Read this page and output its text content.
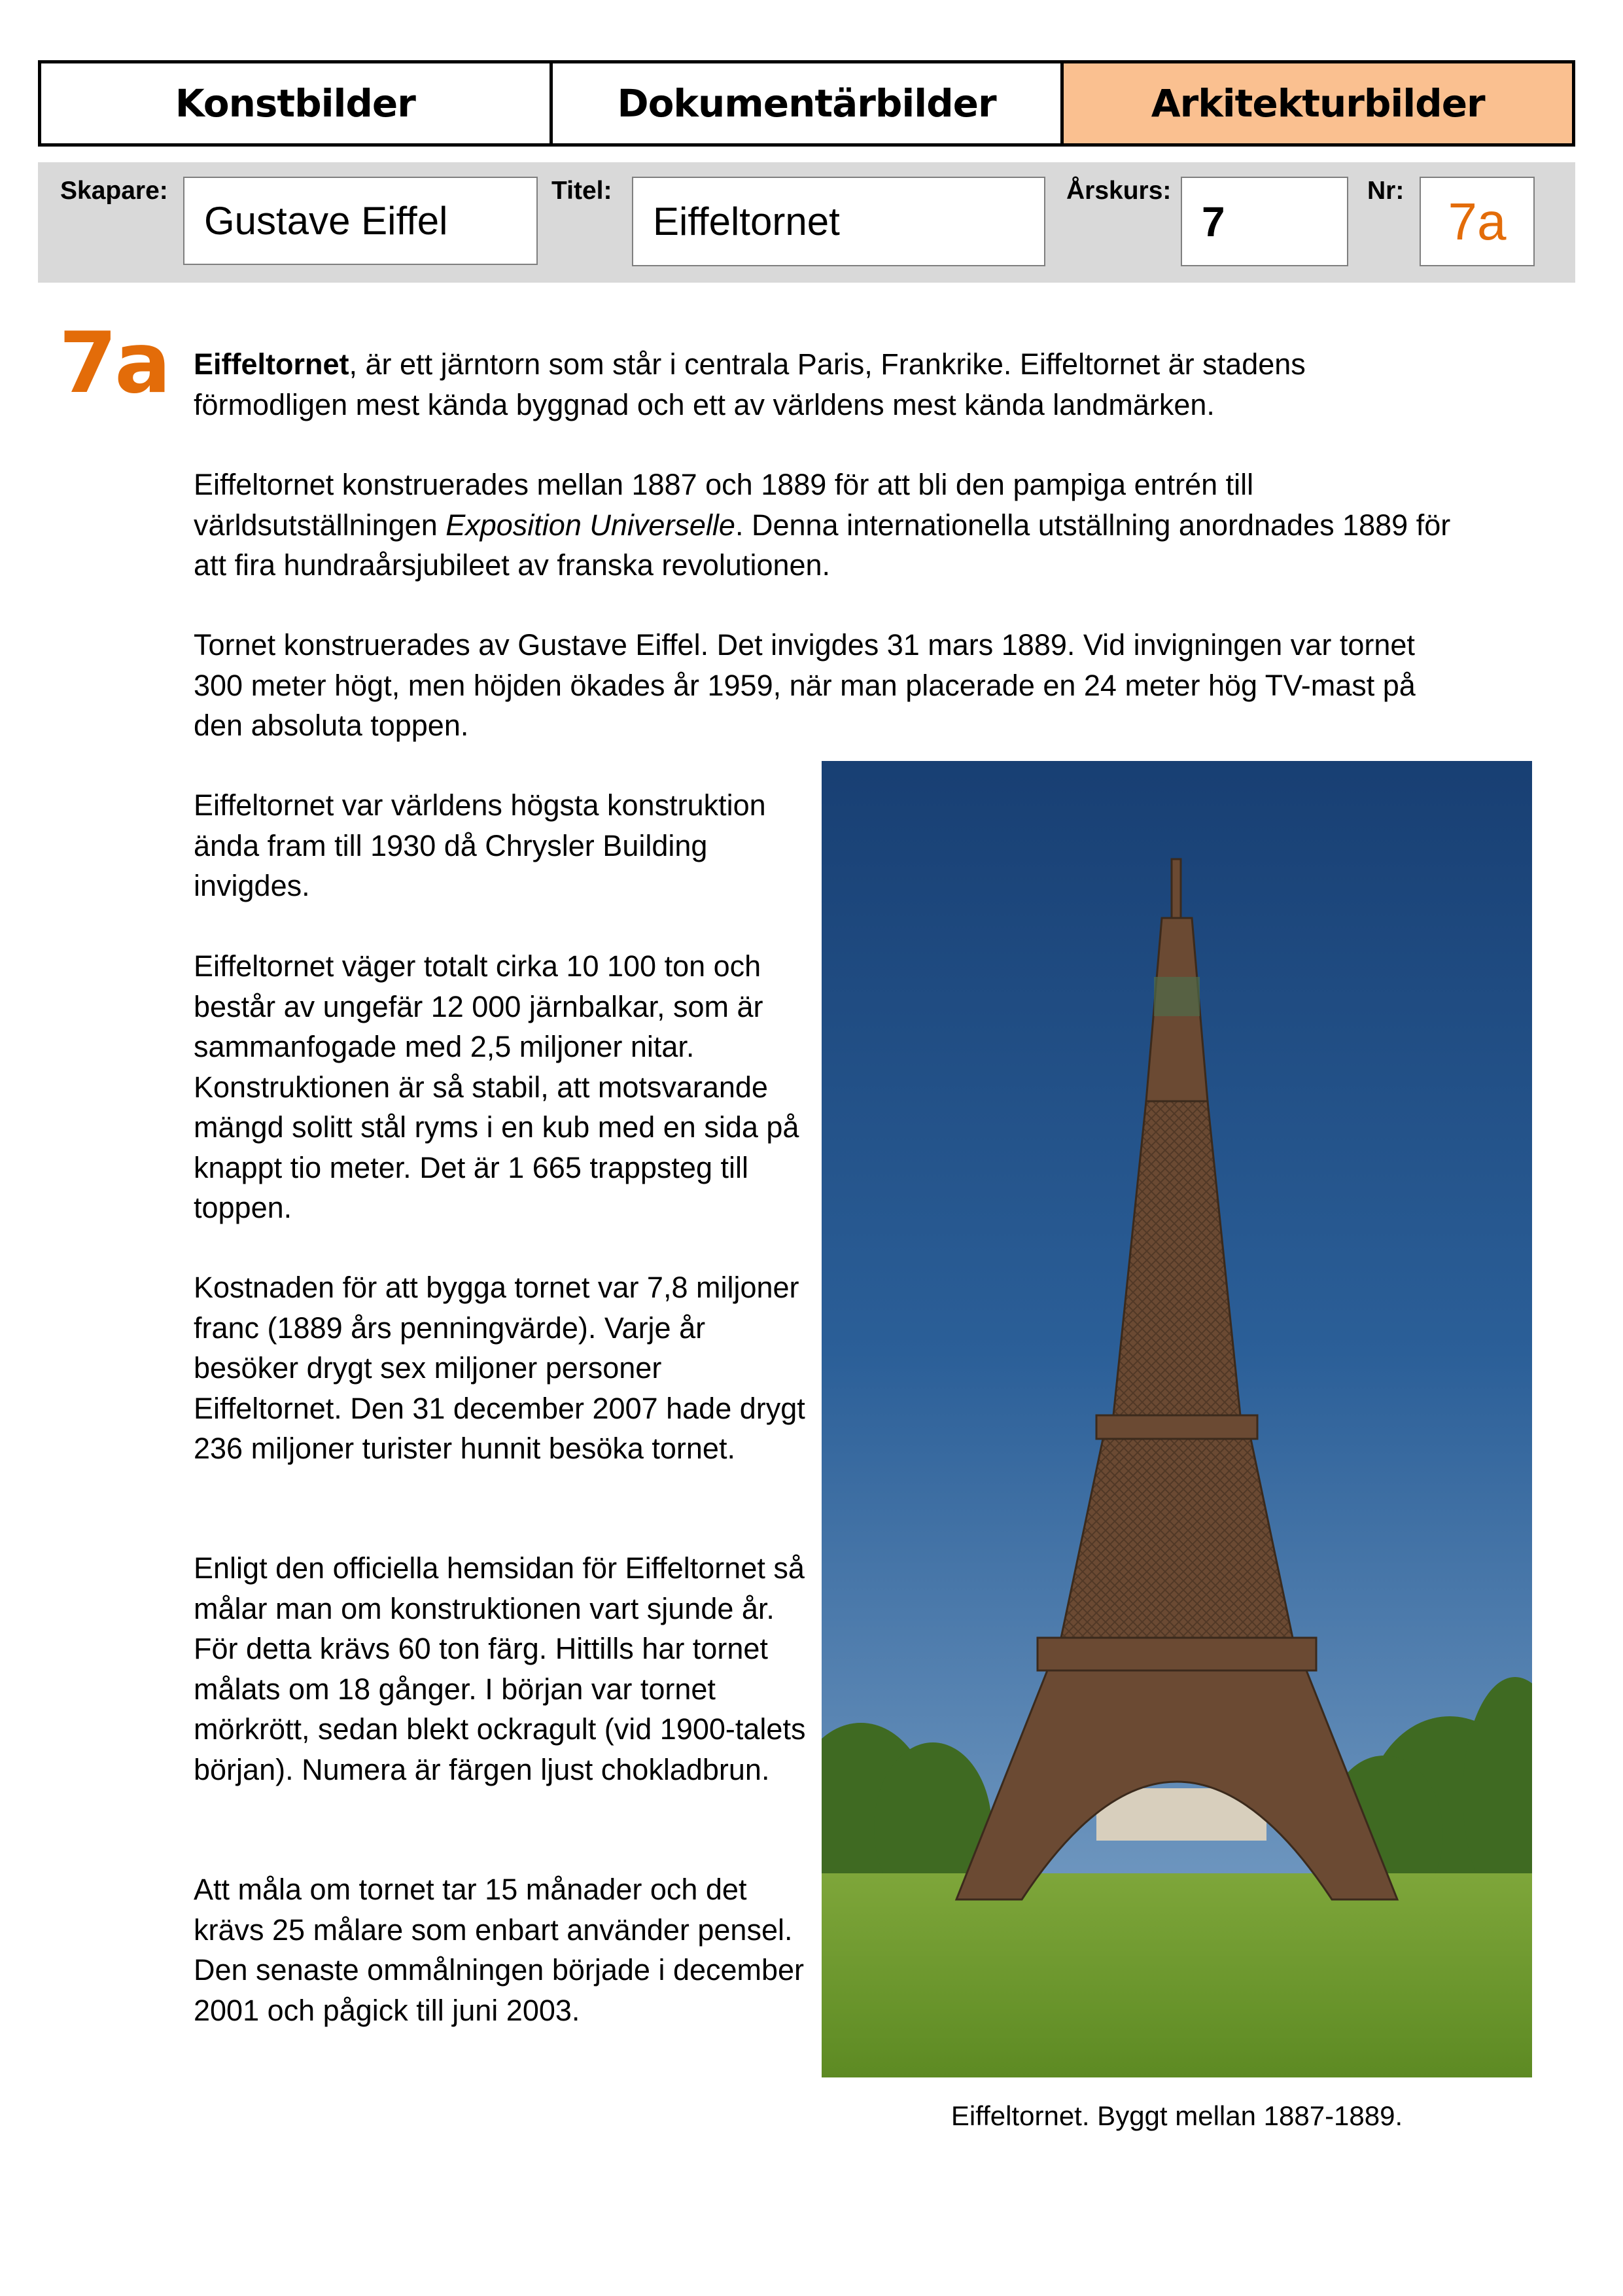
Konstbilder	Dokumentärbilder	Arkitekturbilder
Skapare:
Gustave Eiffel
Titel:
Eiffeltornet
Årskurs:
7
Nr:
7a
7a Eiffeltornet, är ett järntorn som står i centrala Paris, Frankrike. Eiffeltornet är stadens förmodligen mest kända byggnad och ett av världens mest kända landmärken.

Eiffeltornet konstruerades mellan 1887 och 1889 för att bli den pampiga entrén till världsutställningen Exposition Universelle. Denna internationella utställning anordnades 1889 för att fira hundraårsjubileet av franska revolutionen.

Tornet konstruerades av Gustave Eiffel. Det invigdes 31 mars 1889. Vid invigningen var tornet 300 meter högt, men höjden ökades år 1959, när man placerade en 24 meter hög TV-mast på den absoluta toppen.

Eiffeltornet var världens högsta konstruktion ända fram till 1930 då Chrysler Building invigdes.

Eiffeltornet väger totalt cirka 10 100 ton och består av ungefär 12 000 järnbalkar, som är sammanfogade med 2,5 miljoner nitar. Konstruktionen är så stabil, att motsvarande mängd solitt stål ryms i en kub med en sida på knappt tio meter. Det är 1 665 trappsteg till toppen.

Kostnaden för att bygga tornet var 7,8 miljoner franc (1889 års penningvärde). Varje år besöker drygt sex miljoner personer Eiffeltornet. Den 31 december 2007 hade drygt 236 miljoner turister hunnit besöka tornet.

Enligt den officiella hemsidan för Eiffeltornet så målar man om konstruktionen vart sjunde år. För detta krävs 60 ton färg. Hittills har tornet målats om 18 gånger. I början var tornet mörkrött, sedan blekt ockragult (vid 1900-talets början). Numera är färgen ljust chokladbrun.

Att måla om tornet tar 15 månader och det krävs 25 målare som enbart använder pensel. Den senaste ommålningen började i december 2001 och pågick till juni 2003.

Eiffeltornet. Byggt mellan 1887-1889.
